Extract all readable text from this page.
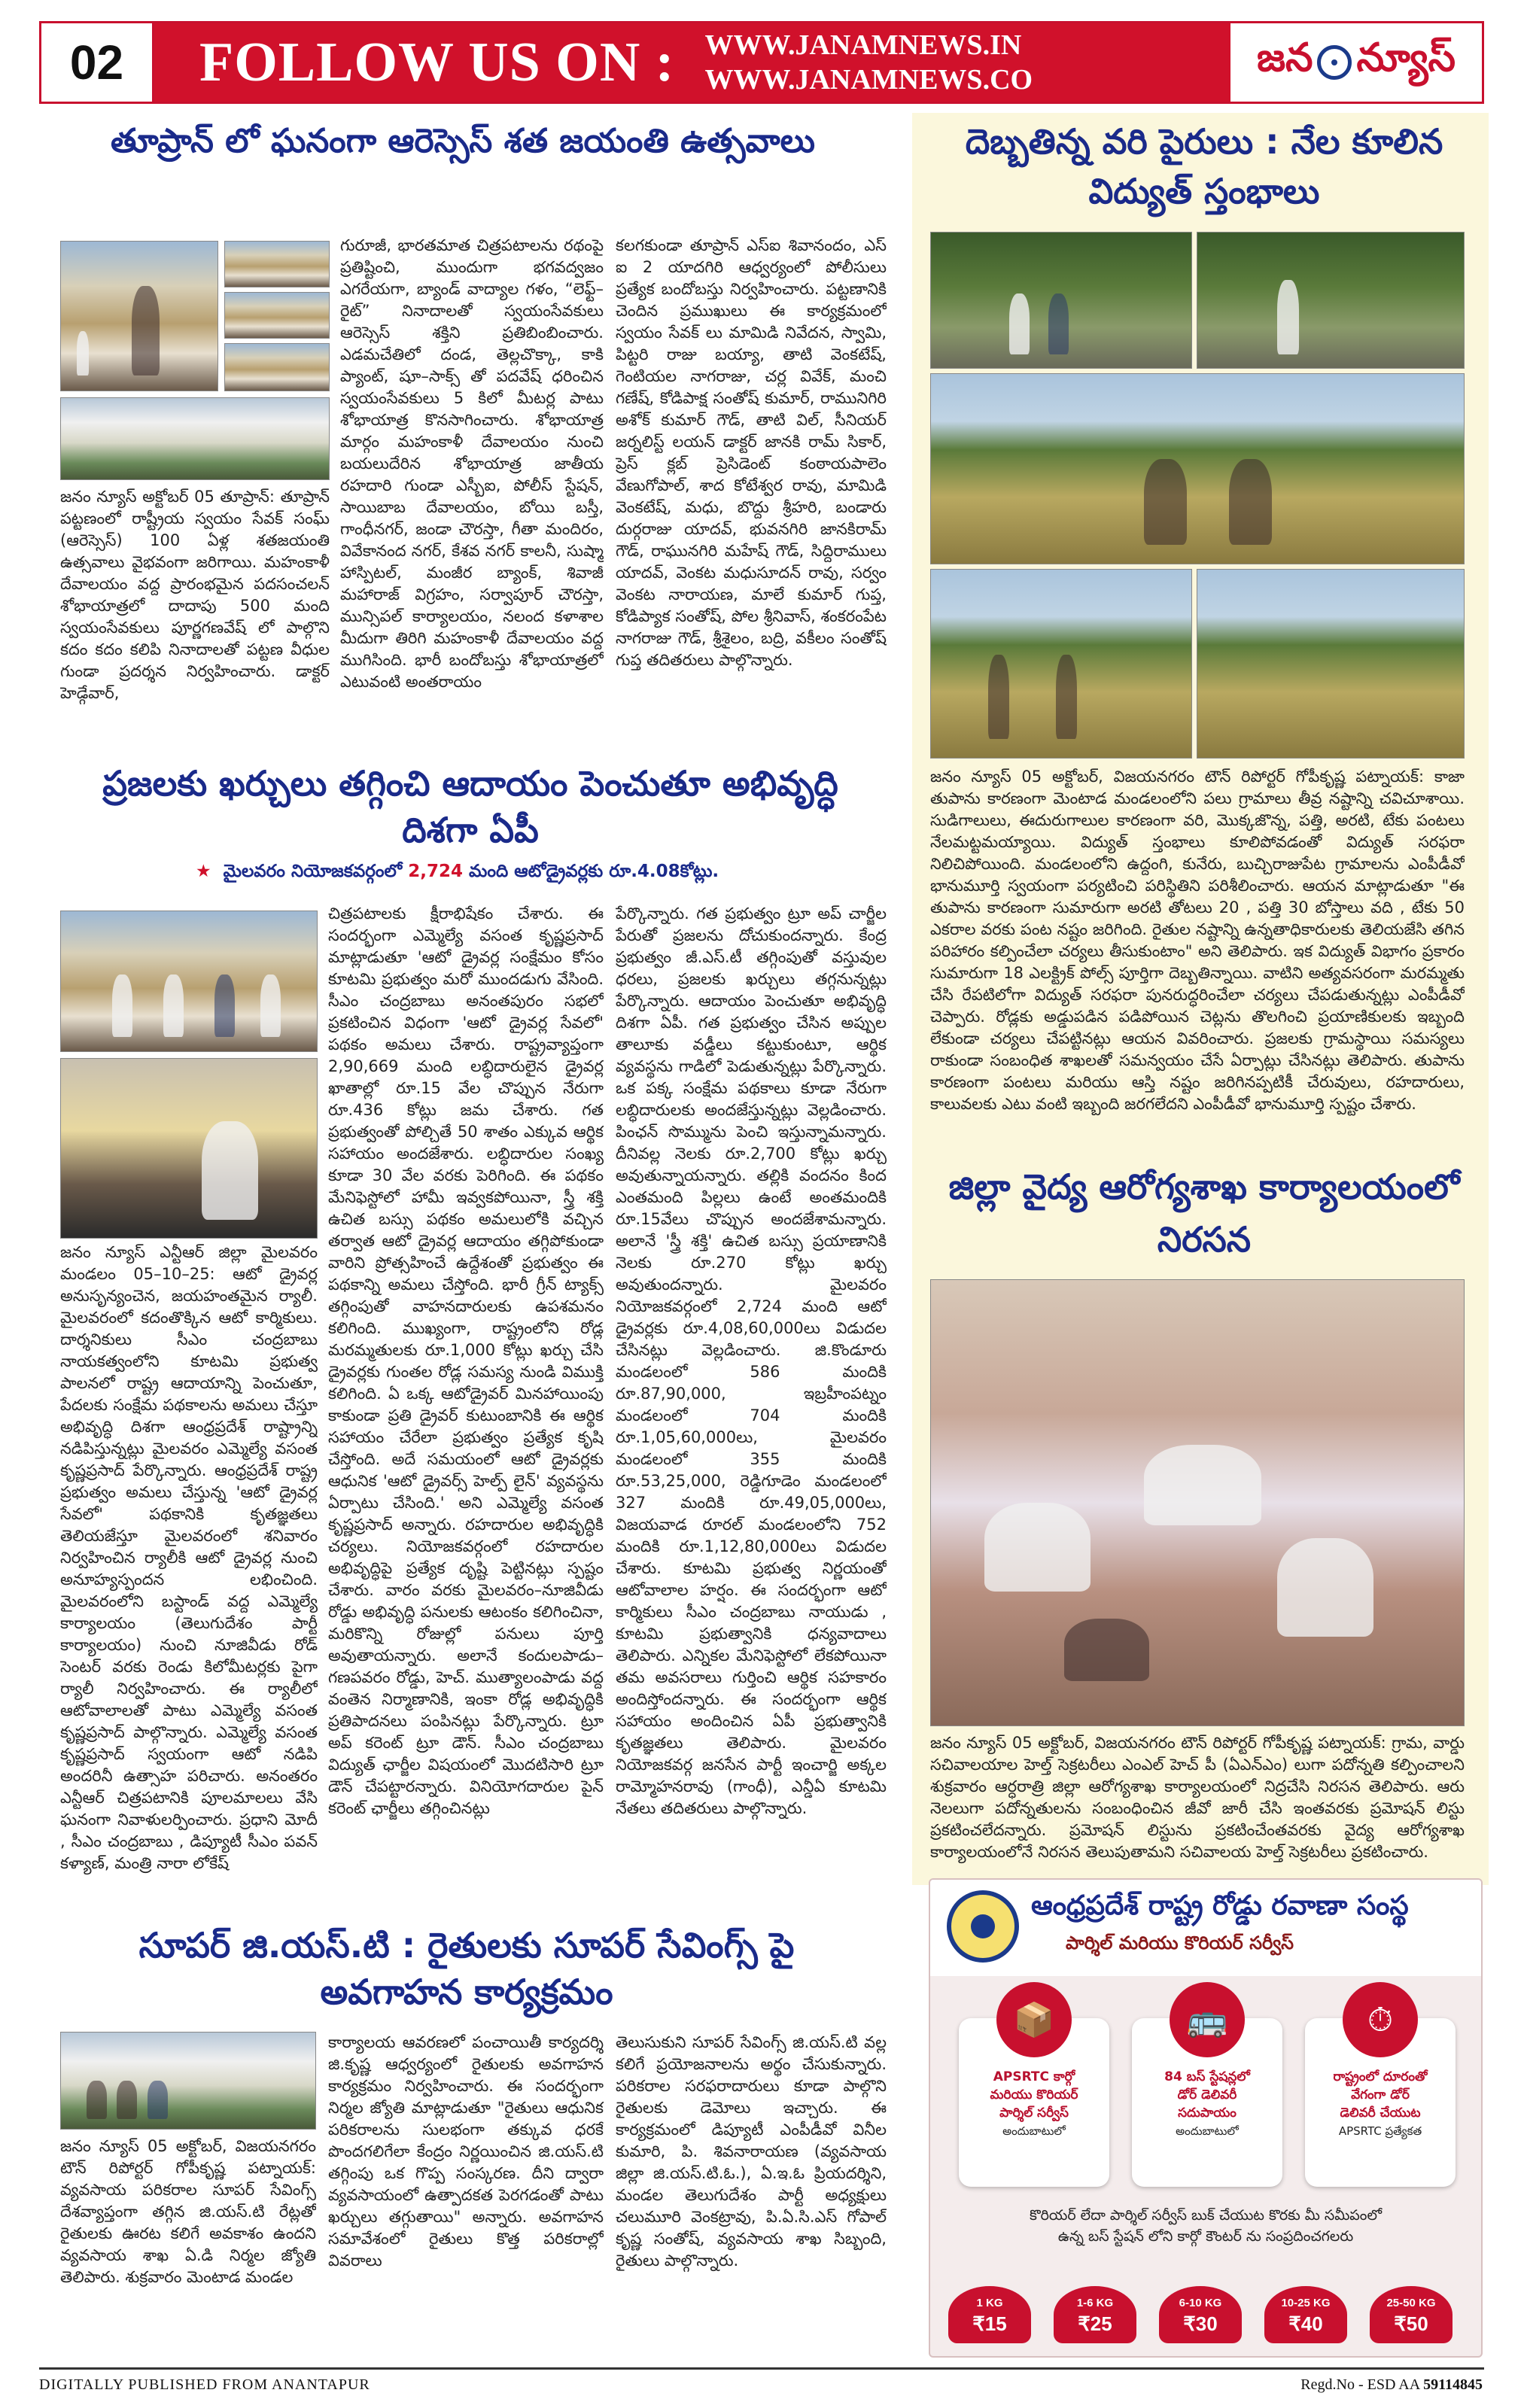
02	FOLLOW US ON : WWW.JANAMNEWS.IN
WWW.JANAMNEWS.CO	జన న్యూస్
తూప్రాన్ లో ఘనంగా ఆరెస్సెస్ శత జయంతి ఉత్సవాలు
జనం న్యూస్ అక్టోబర్ 05 తూప్రాన్: తూప్రాన్ పట్టణంలో రాష్ట్రీయ స్వయం సేవక్ సంఘ్ (ఆరెస్సెస్) 100 ఏళ్ల శతజయంతి ఉత్సవాలు వైభవంగా జరిగాయి. మహంకాళీ దేవాలయం వద్ద ప్రారంభమైన పదసంచలన్ శోభాయాత్రలో దాదాపు 500 మంది స్వయంసేవకులు పూర్ణగణవేష్ లో పాల్గొని కదం కదం కలిపి నినాదాలతో పట్టణ వీధుల గుండా ప్రదర్శన నిర్వహించారు. డాక్టర్ హెడ్గేవార్,
గురూజీ, భారతమాత చిత్రపటాలను రథంపై ప్రతిష్టించి, ముందుగా భగవద్వజం ఎగరేయగా, బ్యాండ్ వాద్యాల గళం, “లెఫ్ట్–రైట్” నినాదాలతో స్వయంసేవకులు ఆరెస్సెస్ శక్తిని ప్రతిబింబించారు. ఎడమచేతిలో దండ, తెల్లచొక్కా, కాకి ప్యాంట్, షూ–సాక్స్ తో పదవేష్ ధరించిన స్వయంసేవకులు 5 కిలో మీటర్ల పాటు శోభాయాత్ర కొనసాగించారు. శోభాయాత్ర మార్గం మహంకాళీ దేవాలయం నుంచి బయలుదేరిన శోభాయాత్ర జాతీయ రహదారి గుండా ఎస్బీఐ, పోలీస్ స్టేషన్, సాయిబాబ దేవాలయం, బోయి బస్తీ, గాంధీనగర్, జండా చౌరస్తా, గీతా మందిరం, వివేకానంద నగర్, కేశవ నగర్ కాలనీ, సుష్మా హాస్పిటల్, మంజీర బ్యాంక్, శివాజీ మహారాజ్ విగ్రహం, సర్వాపూర్ చౌరస్తా, మున్సిపల్ కార్యాలయం, నలంద కళాశాల మీదుగా తిరిగి మహంకాళీ దేవాలయం వద్ద ముగిసింది. భారీ బందోబస్తు శోభాయాత్రలో ఎటువంటి అంతరాయం
కలగకుండా తూప్రాన్ ఎస్ఐ శివానందం, ఎస్ ఐ 2 యాదగిరి ఆధ్వర్యంలో పోలీసులు ప్రత్యేక బందోబస్తు నిర్వహించారు. పట్టణానికి చెందిన ప్రముఖులు ఈ కార్యక్రమంలో స్వయం సేవక్ లు మామిడి నివేదన, స్వామి, పిట్టరి రాజు బయ్యా, తాటి వెంకటేష్, గెంటియల నాగరాజు, చర్ల వివేక్, మంచి గణేష్, కోడిపాక్ష సంతోష్ కుమార్, రామునిగిరి అశోక్ కుమార్ గౌడ్, తాటి విల్, సీనియర్ జర్నలిస్ట్ లయన్ డాక్టర్ జానకి రామ్ సికార్, ప్రెస్ క్లబ్ ప్రెసిడెంట్ కంఠాయపాలెం వేణుగోపాల్, శాద కోటేశ్వర రావు, మామిడి వెంకటేష్, మధు, బొద్దు శ్రీహరి, బండారు దుర్గరాజు యాదవ్, భువనగిరి జానకిరామ్ గౌడ్, రాఘునగిరి మహేష్ గౌడ్, సిద్దిరాములు యాదవ్, వెంకట మధుసూదన్ రావు, సర్వం వెంకట నారాయణ, మాలే కుమార్ గుప్త, కోడిప్యాక సంతోష్, పోల శ్రీనివాస్, శంకరంపేట నాగరాజు గౌడ్, శ్రీశైలం, బద్రి, వకీలం సంతోష్ గుప్త తదితరులు పాల్గొన్నారు.
ప్రజలకు ఖర్చులు తగ్గించి ఆదాయం పెంచుతూ అభివృద్ధి దిశగా ఏపీ
★ మైలవరం నియోజకవర్గంలో 2,724 మంది ఆటోడ్రైవర్లకు రూ.4.08కోట్లు.
జనం న్యూస్ ఎన్టీఆర్ జిల్లా మైలవరం మండలం 05–10–25: ఆటో డ్రైవర్ల అనుసృన్యంచెన, జయహంతమైన ర్యాలీ. మైలవరంలో కదంతొక్కిన ఆటో కార్మికులు. దార్శనికులు సీఎం చంద్రబాబు నాయకత్వంలోని కూటమి ప్రభుత్వ పాలనలో రాష్ట్ర ఆదాయాన్ని పెంచుతూ, పేదలకు సంక్షేమ పథకాలను అమలు చేస్తూ అభివృద్ధి దిశగా ఆంధ్రప్రదేశ్ రాష్ట్రాన్ని నడిపిస్తున్నట్లు మైలవరం ఎమ్మెల్యే వసంత కృష్ణప్రసాద్ పేర్కొన్నారు. ఆంధ్రప్రదేశ్ రాష్ట్ర ప్రభుత్వం అమలు చేస్తున్న 'ఆటో డ్రైవర్ల సేవలో' పథకానికి కృతజ్ఞతలు తెలియజేస్తూ మైలవరంలో శనివారం నిర్వహించిన ర్యాలీకి ఆటో డ్రైవర్ల నుంచి అనూహ్యస్పందన లభించింది. మైలవరంలోని బస్టాండ్ వద్ద ఎమ్మెల్యే కార్యాలయం (తెలుగుదేశం పార్టీ కార్యాలయం) నుంచి నూజివీడు రోడ్ సెంటర్ వరకు రెండు కిలోమీటర్లకు పైగా ర్యాలీ నిర్వహించారు. ఈ ర్యాలీలో ఆటోవాలాలతో పాటు ఎమ్మెల్యే వసంత కృష్ణప్రసాద్ పాల్గొన్నారు. ఎమ్మెల్యే వసంత కృష్ణప్రసాద్ స్వయంగా ఆటో నడిపి అందరినీ ఉత్సాహ పరిచారు. అనంతరం ఎన్టీఆర్ చిత్రపటానికి పూలమాలలు వేసి ఘనంగా నివాళులర్పించారు. ప్రధాని మోదీ , సీఎం చంద్రబాబు , డిప్యూటీ సీఎం పవన్ కళ్యాణ్, మంత్రి నారా లోకేష్
చిత్రపటాలకు క్షీరాభిషేకం చేశారు. ఈ సందర్భంగా ఎమ్మెల్యే వసంత కృష్ణప్రసాద్ మాట్లాడుతూ 'ఆటో డ్రైవర్ల సంక్షేమం కోసం కూటమి ప్రభుత్వం మరో ముందడుగు వేసింది. సీఎం చంద్రబాబు అనంతపురం సభలో ప్రకటించిన విధంగా 'ఆటో డ్రైవర్ల సేవలో' పథకం అమలు చేశారు. రాష్ట్రవ్యాప్తంగా 2,90,669 మంది లబ్ధిదారులైన డ్రైవర్ల ఖాతాల్లో రూ.15 వేల చొప్పున నేరుగా రూ.436 కోట్లు జమ చేశారు. గత ప్రభుత్వంతో పోల్చితే 50 శాతం ఎక్కువ ఆర్థిక సహాయం అందజేశారు. లబ్ధిదారుల సంఖ్య కూడా 30 వేల వరకు పెరిగింది. ఈ పథకం మేనిఫెస్టోలో హామీ ఇవ్వకపోయినా, స్త్రీ శక్తి ఉచిత బస్సు పథకం అమలులోకి వచ్చిన తర్వాత ఆటో డ్రైవర్ల ఆదాయం తగ్గిపోకుండా వారిని ప్రోత్సహించే ఉద్దేశంతో ప్రభుత్వం ఈ పథకాన్ని అమలు చేస్తోంది. భారీ గ్రీన్ ట్యాక్స్ తగ్గింపుతో వాహనదారులకు ఉపశమనం కలిగింది. ముఖ్యంగా, రాష్ట్రంలోని రోడ్ల మరమ్మతులకు రూ.1,000 కోట్లు ఖర్చు చేసి డ్రైవర్లకు గుంతల రోడ్ల సమస్య నుండి విముక్తి కలిగింది. ఏ ఒక్క ఆటోడ్రైవర్ మినహాయింపు కాకుండా ప్రతి డ్రైవర్ కుటుంబానికి ఈ ఆర్థిక సహాయం చేరేలా ప్రభుత్వం ప్రత్యేక కృషి చేస్తోంది. అదే సమయంలో ఆటో డ్రైవర్లకు ఆధునిక 'ఆటో డ్రైవర్స్ హెల్ప్ లైన్' వ్యవస్థను ఏర్పాటు చేసింది.' అని ఎమ్మెల్యే వసంత కృష్ణప్రసాద్ అన్నారు. రహదారుల అభివృద్ధికి చర్యలు. నియోజకవర్గంలో రహదారుల అభివృద్ధిపై ప్రత్యేక దృష్టి పెట్టినట్లు స్పష్టం చేశారు. వారం వరకు మైలవరం–నూజివీడు రోడ్డు అభివృద్ధి పనులకు ఆటంకం కలిగించినా, మరికొన్ని రోజుల్లో పనులు పూర్తి అవుతాయన్నారు. అలానే కందులపాడు–గణపవరం రోడ్డు, హెచ్. ముత్యాలంపాడు వద్ద వంతెన నిర్మాణానికి, ఇంకా రోడ్ల అభివృద్ధికి ప్రతిపాదనలు పంపినట్లు పేర్కొన్నారు. ట్రూ అప్ కరెంట్ ట్రూ డౌన్. సీఎం చంద్రబాబు విద్యుత్ ఛార్జీల విషయంలో మొదటిసారి ట్రూ డౌన్ చేపట్టారన్నారు. వినియోగదారుల పైన్ కరెంట్ ఛార్జీలు తగ్గించినట్లు
పేర్కొన్నారు. గత ప్రభుత్వం ట్రూ అప్ చార్జీల పేరుతో ప్రజలను దోచుకుందన్నారు. కేంద్ర ప్రభుత్వం జీ.ఎస్.టీ తగ్గింపుతో వస్తువుల ధరలు, ప్రజలకు ఖర్చులు తగ్గనున్నట్లు పేర్కొన్నారు. ఆదాయం పెంచుతూ అభివృద్ధి దిశగా ఏపీ. గత ప్రభుత్వం చేసిన అప్పుల తాలూకు వడ్డీలు కట్టుకుంటూ, ఆర్థిక వ్యవస్థను గాడిలో పెడుతున్నట్లు పేర్కొన్నారు. ఒక పక్క సంక్షేమ పథకాలు కూడా నేరుగా లబ్ధిదారులకు అందజేస్తున్నట్లు వెల్లడించారు. పింఛన్ సొమ్మును పెంచి ఇస్తున్నామన్నారు. దీనివల్ల నెలకు రూ.2,700 కోట్లు ఖర్చు అవుతున్నాయన్నారు. తల్లికి వందనం కింద ఎంతమంది పిల్లలు ఉంటే అంతమందికి రూ.15వేలు చొప్పున అందజేశామన్నారు. అలానే 'స్త్రీ శక్తి' ఉచిత బస్సు ప్రయాణానికి నెలకు రూ.270 కోట్లు ఖర్చు అవుతుందన్నారు. మైలవరం నియోజకవర్గంలో 2,724 మంది ఆటో డ్రైవర్లకు రూ.4,08,60,000లు విడుదల చేసినట్లు వెల్లడించారు. జి.కొండూరు మండలంలో 586 మందికి రూ.87,90,000, ఇబ్రహీంపట్నం మండలంలో 704 మందికి రూ.1,05,60,000లు, మైలవరం మండలంలో 355 మందికి రూ.53,25,000, రెడ్డిగూడెం మండలంలో 327 మందికి రూ.49,05,000లు, విజయవాడ రూరల్ మండలంలోని 752 మందికి రూ.1,12,80,000లు విడుదల చేశారు. కూటమి ప్రభుత్వ నిర్ణయంతో ఆటోవాలాల హర్షం. ఈ సందర్భంగా ఆటో కార్మికులు సీఎం చంద్రబాబు నాయుడు , కూటమి ప్రభుత్వానికి ధన్యవాదాలు తెలిపారు. ఎన్నికల మేనిఫెస్టోలో లేకపోయినా తమ అవసరాలు గుర్తించి ఆర్థిక సహకారం అందిస్తోందన్నారు. ఈ సందర్భంగా ఆర్థిక సహాయం అందించిన ఏపీ ప్రభుత్వానికి కృతజ్ఞతలు తెలిపారు. మైలవరం నియోజకవర్గ జనసేన పార్టీ ఇంచార్జి అక్కల రామ్మోహనరావు (గాంధీ), ఎన్డీఏ కూటమి నేతలు తదితరులు పాల్గొన్నారు.
సూపర్ జి.యస్.టి : రైతులకు సూపర్ సేవింగ్స్ పై అవగాహన కార్యక్రమం
జనం న్యూస్ 05 అక్టోబర్, విజయనగరం టౌన్ రిపోర్టర్ గోపీకృష్ణ పట్నాయక్: వ్యవసాయ పరికరాల సూపర్ సేవింగ్స్ దేశవ్యాప్తంగా తగ్గిన జి.యస్.టి రేట్లతో రైతులకు ఊరట కలిగే అవకాశం ఉందని వ్యవసాయ శాఖ ఏ.డి నిర్మల జ్యోతి తెలిపారు. శుక్రవారం మెంటాడ మండల
కార్యాలయ ఆవరణలో పంచాయితీ కార్యదర్శి జి.కృష్ణ ఆధ్వర్యంలో రైతులకు అవగాహన కార్యక్రమం నిర్వహించారు. ఈ సందర్భంగా నిర్మల జ్యోతి మాట్లాడుతూ "రైతులు ఆధునిక పరికరాలను సులభంగా తక్కువ ధరకే పొందగలిగేలా కేంద్రం నిర్ణయించిన జి.యస్.టి తగ్గింపు ఒక గొప్ప సంస్కరణ. దీని ద్వారా వ్యవసాయంలో ఉత్పాదకత పెరగడంతో పాటు ఖర్చులు తగ్గుతాయి" అన్నారు. అవగాహన సమావేశంలో రైతులు కొత్త పరికరాల్లో వివరాలు
తెలుసుకుని సూపర్ సేవింగ్స్ జి.యస్.టి వల్ల కలిగే ప్రయోజనాలను అర్థం చేసుకున్నారు. పరికరాల సరఫరాదారులు కూడా పాల్గొని రైతులకు డెమోలు ఇచ్చారు. ఈ కార్యక్రమంలో డిప్యూటీ ఎంపీడీవో వినీల కుమారి, పి. శివనారాయణ (వ్యవసాయ జిల్లా జి.యస్.టి.ఓ.), ఏ.ఇ.ఓ ప్రియదర్శిని, మండల తెలుగుదేశం పార్టీ అధ్యక్షులు చలుమూరి వెంకట్రావు, పి.ఏ.సి.ఎస్ గోపాల్ కృష్ణ సంతోష్, వ్యవసాయ శాఖ సిబ్బంది, రైతులు పాల్గొన్నారు.
దెబ్బతిన్న వరి పైరులు : నేల కూలిన విద్యుత్ స్తంభాలు
జనం న్యూస్ 05 అక్టోబర్, విజయనగరం టౌన్ రిపోర్టర్ గోపీకృష్ణ పట్నాయక్: కాజా తుపాను కారణంగా మెంటాడ మండలంలోని పలు గ్రామాలు తీవ్ర నష్టాన్ని చవిచూశాయి. సుడిగాలులు, ఈదురుగాలుల కారణంగా వరి, మొక్కజొన్న, పత్తి, అరటి, టేకు పంటలు నేలమట్టమయ్యాయి. విద్యుత్ స్తంభాలు కూలిపోవడంతో విద్యుత్ సరఫరా నిలిచిపోయింది. మండలంలోని ఉద్దంగి, కునేరు, బుచ్చిరాజుపేట గ్రామాలను ఎంపీడీవో భానుమూర్తి స్వయంగా పర్యటించి పరిస్థితిని పరిశీలించారు. ఆయన మాట్లాడుతూ "ఈ తుపాను కారణంగా సుమారుగా అరటి తోటలు 20 , పత్తి 30 బోస్తాలు వది , టేకు 50 ఎకరాల వరకు పంట నష్టం జరిగింది. రైతుల నష్టాన్ని ఉన్నతాధికారులకు తెలియజేసి తగిన పరిహారం కల్పించేలా చర్యలు తీసుకుంటాం" అని తెలిపారు. ఇక విద్యుత్ విభాగం ప్రకారం సుమారుగా 18 ఎలక్ట్రిక్ పోల్స్ పూర్తిగా దెబ్బతిన్నాయి. వాటిని అత్యవసరంగా మరమ్మతు చేసి రేపటిలోగా విద్యుత్ సరఫరా పునరుద్ధరించేలా చర్యలు చేపడుతున్నట్లు ఎంపీడీవో చెప్పారు. రోడ్లకు అడ్డుపడిన పడిపోయిన చెట్లను తొలగించి ప్రయాణికులకు ఇబ్బంది లేకుండా చర్యలు చేపట్టినట్లు ఆయన వివరించారు. ప్రజలకు గ్రామస్థాయి సమస్యలు రాకుండా సంబంధిత శాఖలతో సమన్వయం చేసే ఏర్పాట్లు చేసినట్లు తెలిపారు. తుపాను కారణంగా పంటలు మరియు ఆస్తి నష్టం జరిగినప్పటికీ చేరువులు, రహదారులు, కాలువలకు ఎటు వంటి ఇబ్బంది జరగలేదని ఎంపీడీవో భానుమూర్తి స్పష్టం చేశారు.
జిల్లా వైద్య ఆరోగ్యశాఖ కార్యాలయంలో నిరసన
జనం న్యూస్ 05 అక్టోబర్, విజయనగరం టౌన్ రిపోర్టర్ గోపీకృష్ణ పట్నాయక్: గ్రామ, వార్డు సచివాలయాల హెల్త్ సెక్రటరీలు ఎంఎల్ హెచ్ పీ (ఏఎన్ఎం) లుగా పదోన్నతి కల్పించాలని శుక్రవారం ఆర్ధరాత్రి జిల్లా ఆరోగ్యశాఖ కార్యాలయంలో నిద్రచేసి నిరసన తెలిపారు. ఆరు నెలలుగా పదోన్నతులను సంబంధించిన జీవో జారీ చేసి ఇంతవరకు ప్రమోషన్ లిస్టు ప్రకటించలేదన్నారు. ప్రమోషన్ లిస్టును ప్రకటించేంతవరకు వైద్య ఆరోగ్యశాఖ కార్యాలయంలోనే నిరసన తెలుపుతామని సచివాలయ హెల్త్ సెక్రటరీలు ప్రకటించారు.
ఆంధ్రప్రదేశ్ రాష్ట్ర రోడ్డు రవాణా సంస్థ
పార్శిల్ మరియు కొరియర్ సర్వీస్
📦
APSRTC కార్గో
మరియు కొరియర్
పార్శిల్ సర్వీస్
అందుబాటులో
🚌
84 బస్ స్టేషన్లలో
డోర్ డెలివరీ
సదుపాయం
అందుబాటులో
⏱
రాష్ట్రంలో దూరంతో
వేగంగా డోర్
డెలివరీ చేయుట
APSRTC ప్రత్యేకత
కొరియర్ లేదా పార్శిల్ సర్వీస్ బుక్ చేయుట కొరకు మీ సమీపంలో
ఉన్న బస్ స్టేషన్ లోని కార్గో కౌంటర్ ను సంప్రదించగలరు
1 KG
₹15
1-6 KG
₹25
6-10 KG
₹30
10-25 KG
₹40
25-50 KG
₹50
DIGITALLY PUBLISHED FROM ANANTAPUR	Regd.No - ESD AA 59114845
